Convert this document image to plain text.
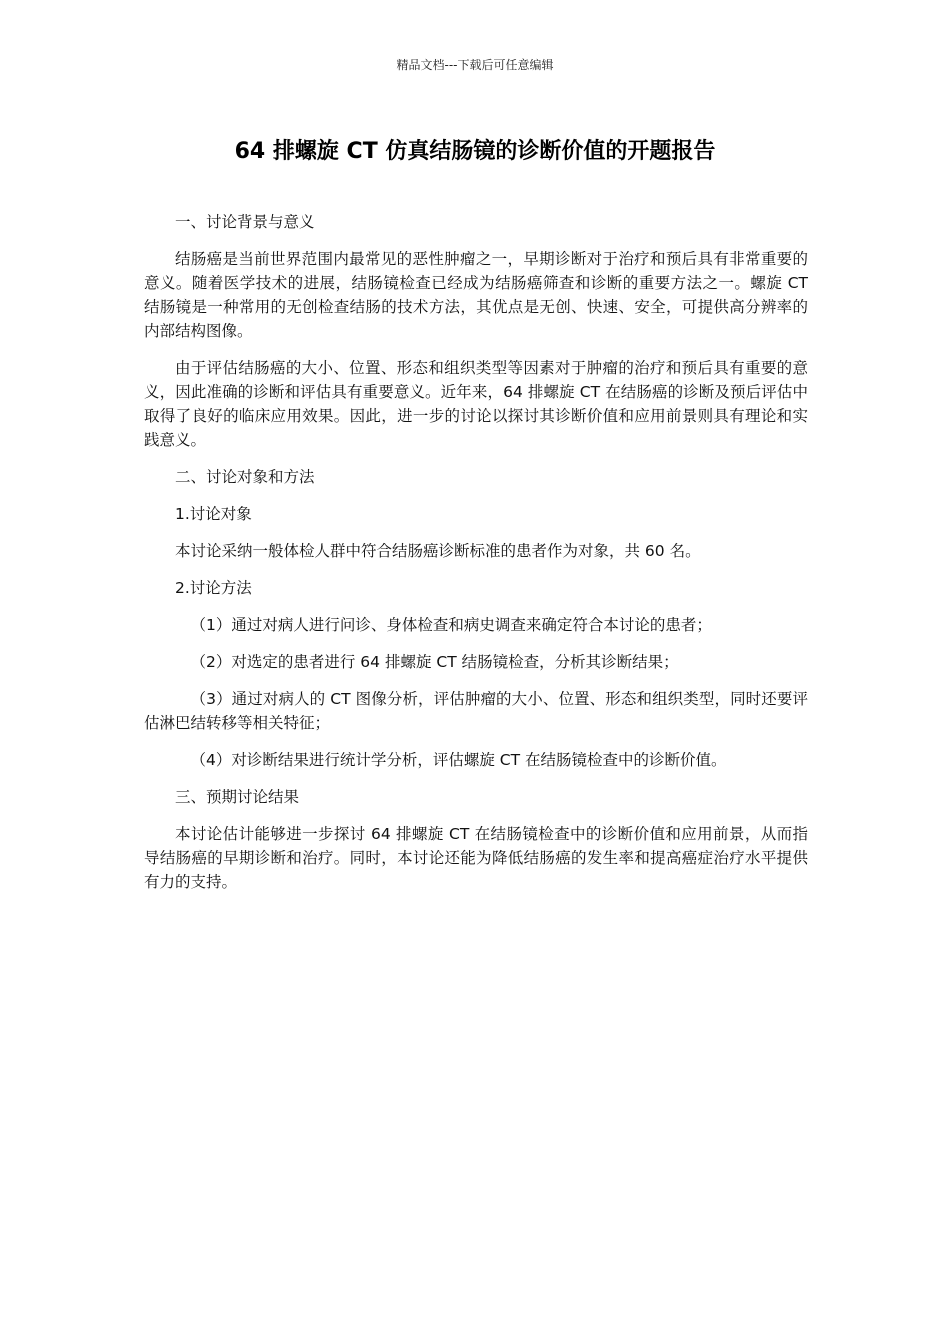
精品文档---下载后可任意编辑
64 排螺旋 CT 仿真结肠镜的诊断价值的开题报告

一、讨论背景与意义

结肠癌是当前世界范围内最常见的恶性肿瘤之一，早期诊断对于治疗和预后具有非常重要的意义。随着医学技术的进展，结肠镜检查已经成为结肠癌筛查和诊断的重要方法之一。螺旋 CT 结肠镜是一种常用的无创检查结肠的技术方法，其优点是无创、快速、安全，可提供高分辨率的内部结构图像。

由于评估结肠癌的大小、位置、形态和组织类型等因素对于肿瘤的治疗和预后具有重要的意义，因此准确的诊断和评估具有重要意义。近年来，64 排螺旋 CT 在结肠癌的诊断及预后评估中取得了良好的临床应用效果。因此，进一步的讨论以探讨其诊断价值和应用前景则具有理论和实践意义。

二、讨论对象和方法

1.讨论对象

本讨论采纳一般体检人群中符合结肠癌诊断标准的患者作为对象，共 60 名。

2.讨论方法

（1）通过对病人进行问诊、身体检查和病史调查来确定符合本讨论的患者；

（2）对选定的患者进行 64 排螺旋 CT 结肠镜检查，分析其诊断结果；

（3）通过对病人的 CT 图像分析，评估肿瘤的大小、位置、形态和组织类型，同时还要评估淋巴结转移等相关特征；

（4）对诊断结果进行统计学分析，评估螺旋 CT 在结肠镜检查中的诊断价值。

三、预期讨论结果

本讨论估计能够进一步探讨 64 排螺旋 CT 在结肠镜检查中的诊断价值和应用前景，从而指导结肠癌的早期诊断和治疗。同时，本讨论还能为降低结肠癌的发生率和提高癌症治疗水平提供有力的支持。
